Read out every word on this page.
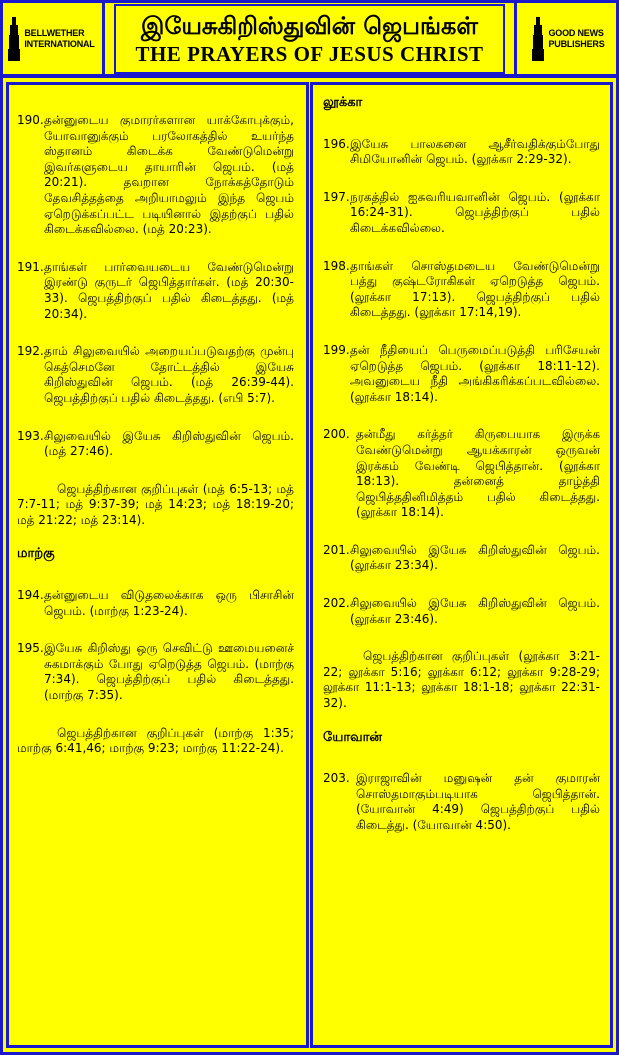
BELLWETHER
INTERNATIONAL
இயேசுகிறிஸ்துவின் ஜெபங்கள்
THE PRAYERS OF JESUS CHRIST
GOOD NEWS
PUBLISHERS
190. தன்னுடைய குமாரர்களான யாக்கோபுக்கும், யோவானுக்கும் பரலோகத்தில் உயர்ந்த ஸ்தானம் கிடைக்க வேண்டுமென்று இவர்களுடைய தாயாரின் ஜெபம். (மத் 20:21). தவறான நோக்கத்தோடும் தேவசித்தத்தை அறியாமலும் இந்த ஜெபம் ஏறெடுக்கப்பட்ட படியினால் இதற்குப் பதில் கிடைக்கவில்லை. (மத் 20:23).
191. தாங்கள் பார்வையடைய வேண்டுமென்று இரண்டு குருடர் ஜெபித்தார்கள். (மத் 20:30-33). ஜெபத்திற்குப் பதில் கிடைத்தது. (மத் 20:34).
192. தாம் சிலுவையில் அறையப்படுவதற்கு முன்பு கெத்செமனே தோட்டத்தில் இயேசு கிறிஸ்துவின் ஜெபம். (மத் 26:39-44). ஜெபத்திற்குப் பதில் கிடைத்தது. (எபி 5:7).
193. சிலுவையில் இயேசு கிறிஸ்துவின் ஜெபம். (மத் 27:46).
ஜெபத்திற்கான குறிப்புகள் (மத் 6:5-13; மத் 7:7-11; மத் 9:37-39; மத் 14:23; மத் 18:19-20; மத் 21:22; மத் 23:14).
மாற்கு
194. தன்னுடைய விடுதலைக்காக ஒரு பிசாசின் ஜெபம். (மாற்கு 1:23-24).
195. இயேசு கிறிஸ்து ஒரு செவிட்டு ஊமையனைச் சுகமாக்கும் போது ஏறெடுத்த ஜெபம். (மாற்கு 7:34). ஜெபத்திற்குப் பதில் கிடைத்தது. (மாற்கு 7:35).
ஜெபத்திற்கான குறிப்புகள் (மாற்கு 1:35; மாற்கு 6:41,46; மாற்கு 9:23; மாற்கு 11:22-24).
லூக்கா
196. இயேசு பாலகனை ஆசீர்வதிக்கும்போது சிமியோனின் ஜெபம். (லூக்கா 2:29-32).
197. நரகத்தில் ஐசுவரியவானின் ஜெபம். (லூக்கா 16:24-31). ஜெபத்திற்குப் பதில் கிடைக்கவில்லை.
198. தாங்கள் சொஸ்தமடைய வேண்டுமென்று பத்து குஷ்டரோகிகள் ஏறெடுத்த ஜெபம். (லூக்கா 17:13). ஜெபத்திற்குப் பதில் கிடைத்தது. (லூக்கா 17:14,19).
199. தன் நீதியைப் பெருமைப்படுத்தி பரிசேயன் ஏறெடுத்த ஜெபம். (லூக்கா 18:11-12). அவனுடைய நீதி அங்கிகரிக்கப்படவில்லை. (லூக்கா 18:14).
200. தன்மீது கர்த்தர் கிருபையாக இருக்க வேண்டுமென்று ஆயக்காரன் ஒருவன் இரக்கம் வேண்டி ஜெபித்தான். (லூக்கா 18:13). தன்னைத் தாழ்த்தி ஜெபித்ததினிமித்தம் பதில் கிடைத்தது. (லூக்கா 18:14).
201. சிலுவையில் இயேசு கிறிஸ்துவின் ஜெபம். (லூக்கா 23:34).
202. சிலுவையில் இயேசு கிறிஸ்துவின் ஜெபம். (லூக்கா 23:46).
ஜெபத்திற்கான குறிப்புகள் (லூக்கா 3:21-22; லூக்கா 5:16; லூக்கா 6:12; லூக்கா 9:28-29; லூக்கா 11:1-13; லூக்கா 18:1-18; லூக்கா 22:31-32).
யோவான்
203. இராஜாவின் மனுஷன் தன் குமாரன் சொஸ்தமாகும்படியாக ஜெபித்தான். (யோவான் 4:49) ஜெபத்திற்குப் பதில் கிடைத்து. (யோவான் 4:50).
